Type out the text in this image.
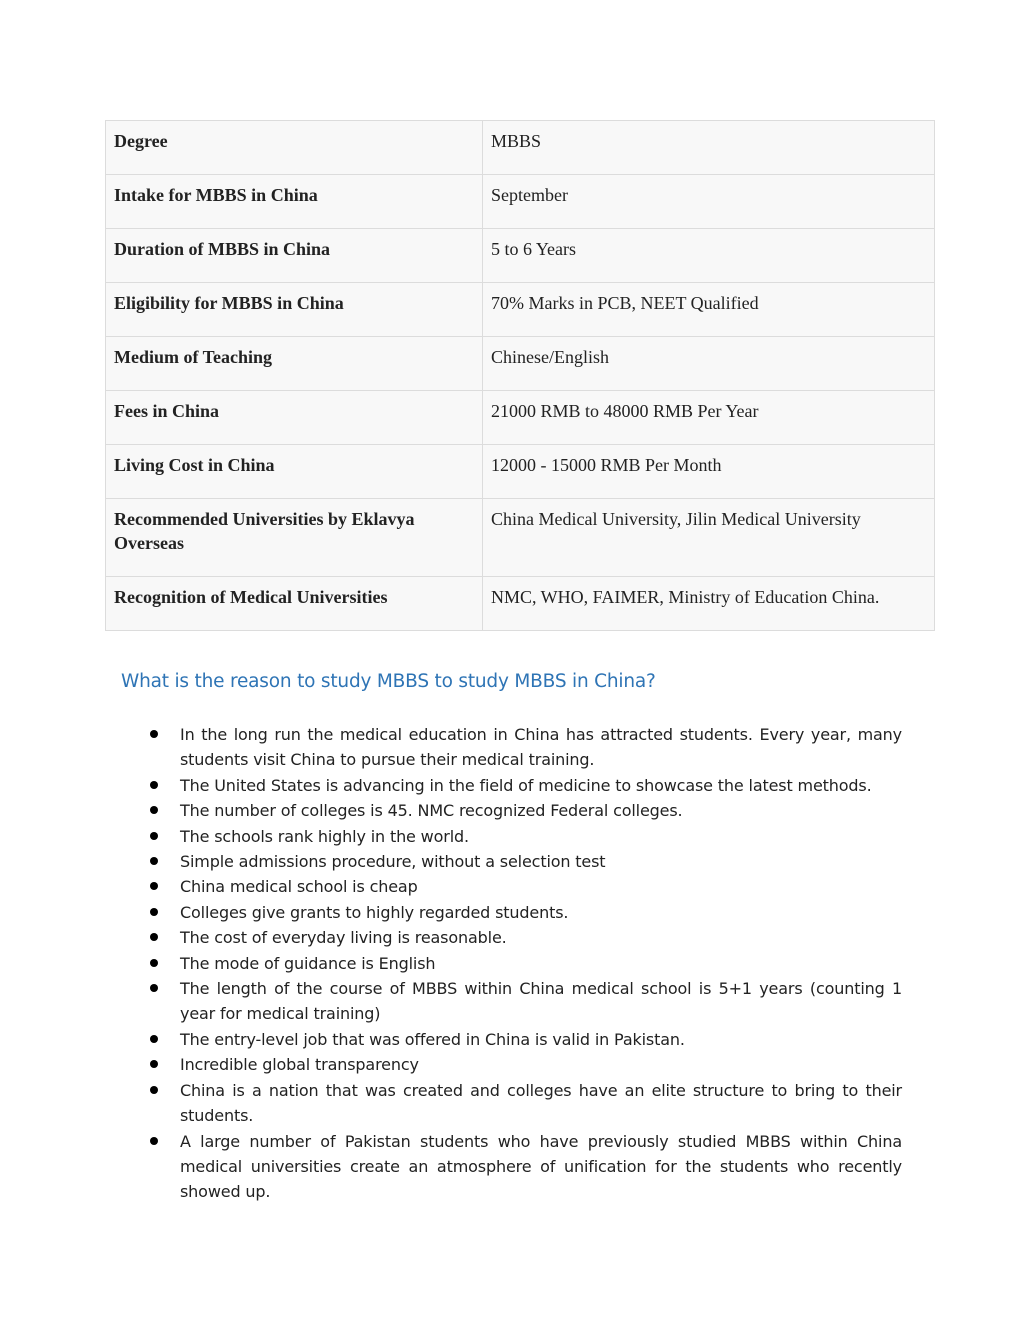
Degree	MBBS
Intake for MBBS in China	September
Duration of MBBS in China	5 to 6 Years
Eligibility for MBBS in China	70% Marks in PCB, NEET Qualified
Medium of Teaching	Chinese/English
Fees in China	21000 RMB to 48000 RMB Per Year
Living Cost in China	12000 - 15000 RMB Per Month
Recommended Universities by Eklavya Overseas	China Medical University, Jilin Medical University
Recognition of Medical Universities	NMC, WHO, FAIMER, Ministry of Education China.
What is the reason to study MBBS to study MBBS in China?
In the long run the medical education in China has attracted students. Every year, many students visit China to pursue their medical training.
The United States is advancing in the field of medicine to showcase the latest methods.
The number of colleges is 45. NMC recognized Federal colleges.
The schools rank highly in the world.
Simple admissions procedure, without a selection test
China medical school is cheap
Colleges give grants to highly regarded students.
The cost of everyday living is reasonable.
The mode of guidance is English
The length of the course of MBBS within China medical school is 5+1 years (counting 1 year for medical training)
The entry-level job that was offered in China is valid in Pakistan.
Incredible global transparency
China is a nation that was created and colleges have an elite structure to bring to their students.
A large number of Pakistan students who have previously studied MBBS within China medical universities create an atmosphere of unification for the students who recently showed up.
